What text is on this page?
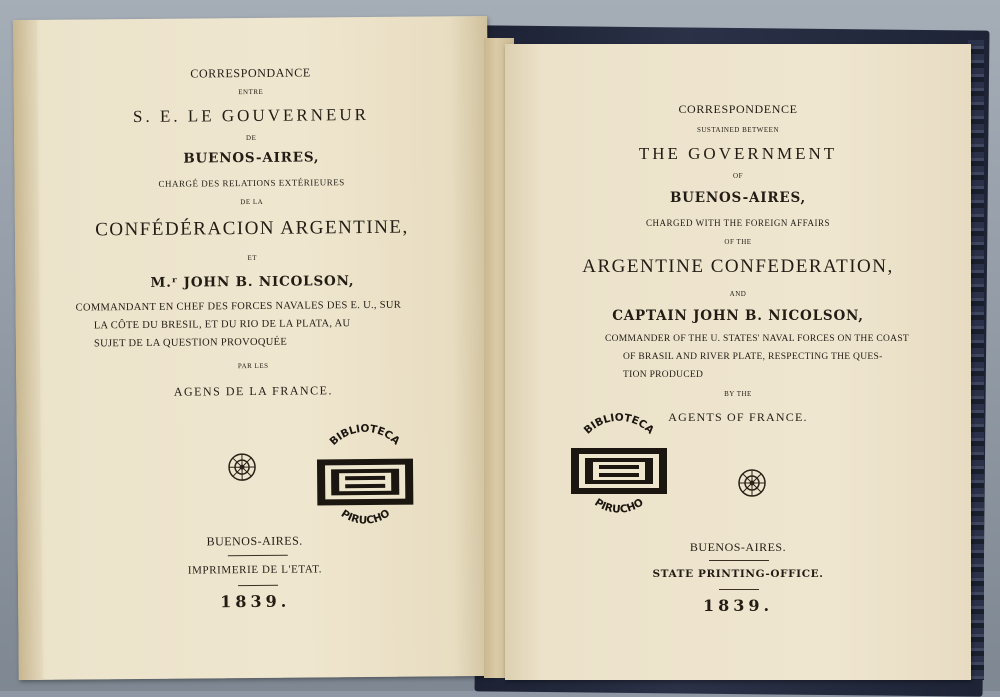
CORRESPONDANCE
ENTRE
S. E. LE GOUVERNEUR
DE
BUENOS-AIRES,
CHARGÉ DES RELATIONS EXTÉRIEURES
DE LA
CONFÉDÉRACION ARGENTINE,
ET
M.ʳ JOHN B. NICOLSON,
COMMANDANT EN CHEF DES FORCES NAVALES DES E. U., SUR
LA CÔTE DU BRESIL, ET DU RIO DE LA PLATA, AU
SUJET DE LA QUESTION PROVOQUÉE
PAR LES
AGENS DE LA FRANCE.
BIBLIOTECA
PIRUCHO
BUENOS-AIRES.
IMPRIMERIE DE L'ETAT.
1839.
CORRESPONDENCE
SUSTAINED BETWEEN
THE GOVERNMENT
OF
BUENOS-AIRES,
CHARGED WITH THE FOREIGN AFFAIRS
OF THE
ARGENTINE CONFEDERATION,
AND
CAPTAIN JOHN B. NICOLSON,
COMMANDER OF THE U. STATES' NAVAL FORCES ON THE COAST
OF BRASIL AND RIVER PLATE, RESPECTING THE QUES-
TION PRODUCED
BY THE
AGENTS OF FRANCE.
BIBLIOTECA
PIRUCHO
BUENOS-AIRES.
STATE PRINTING-OFFICE.
1839.
